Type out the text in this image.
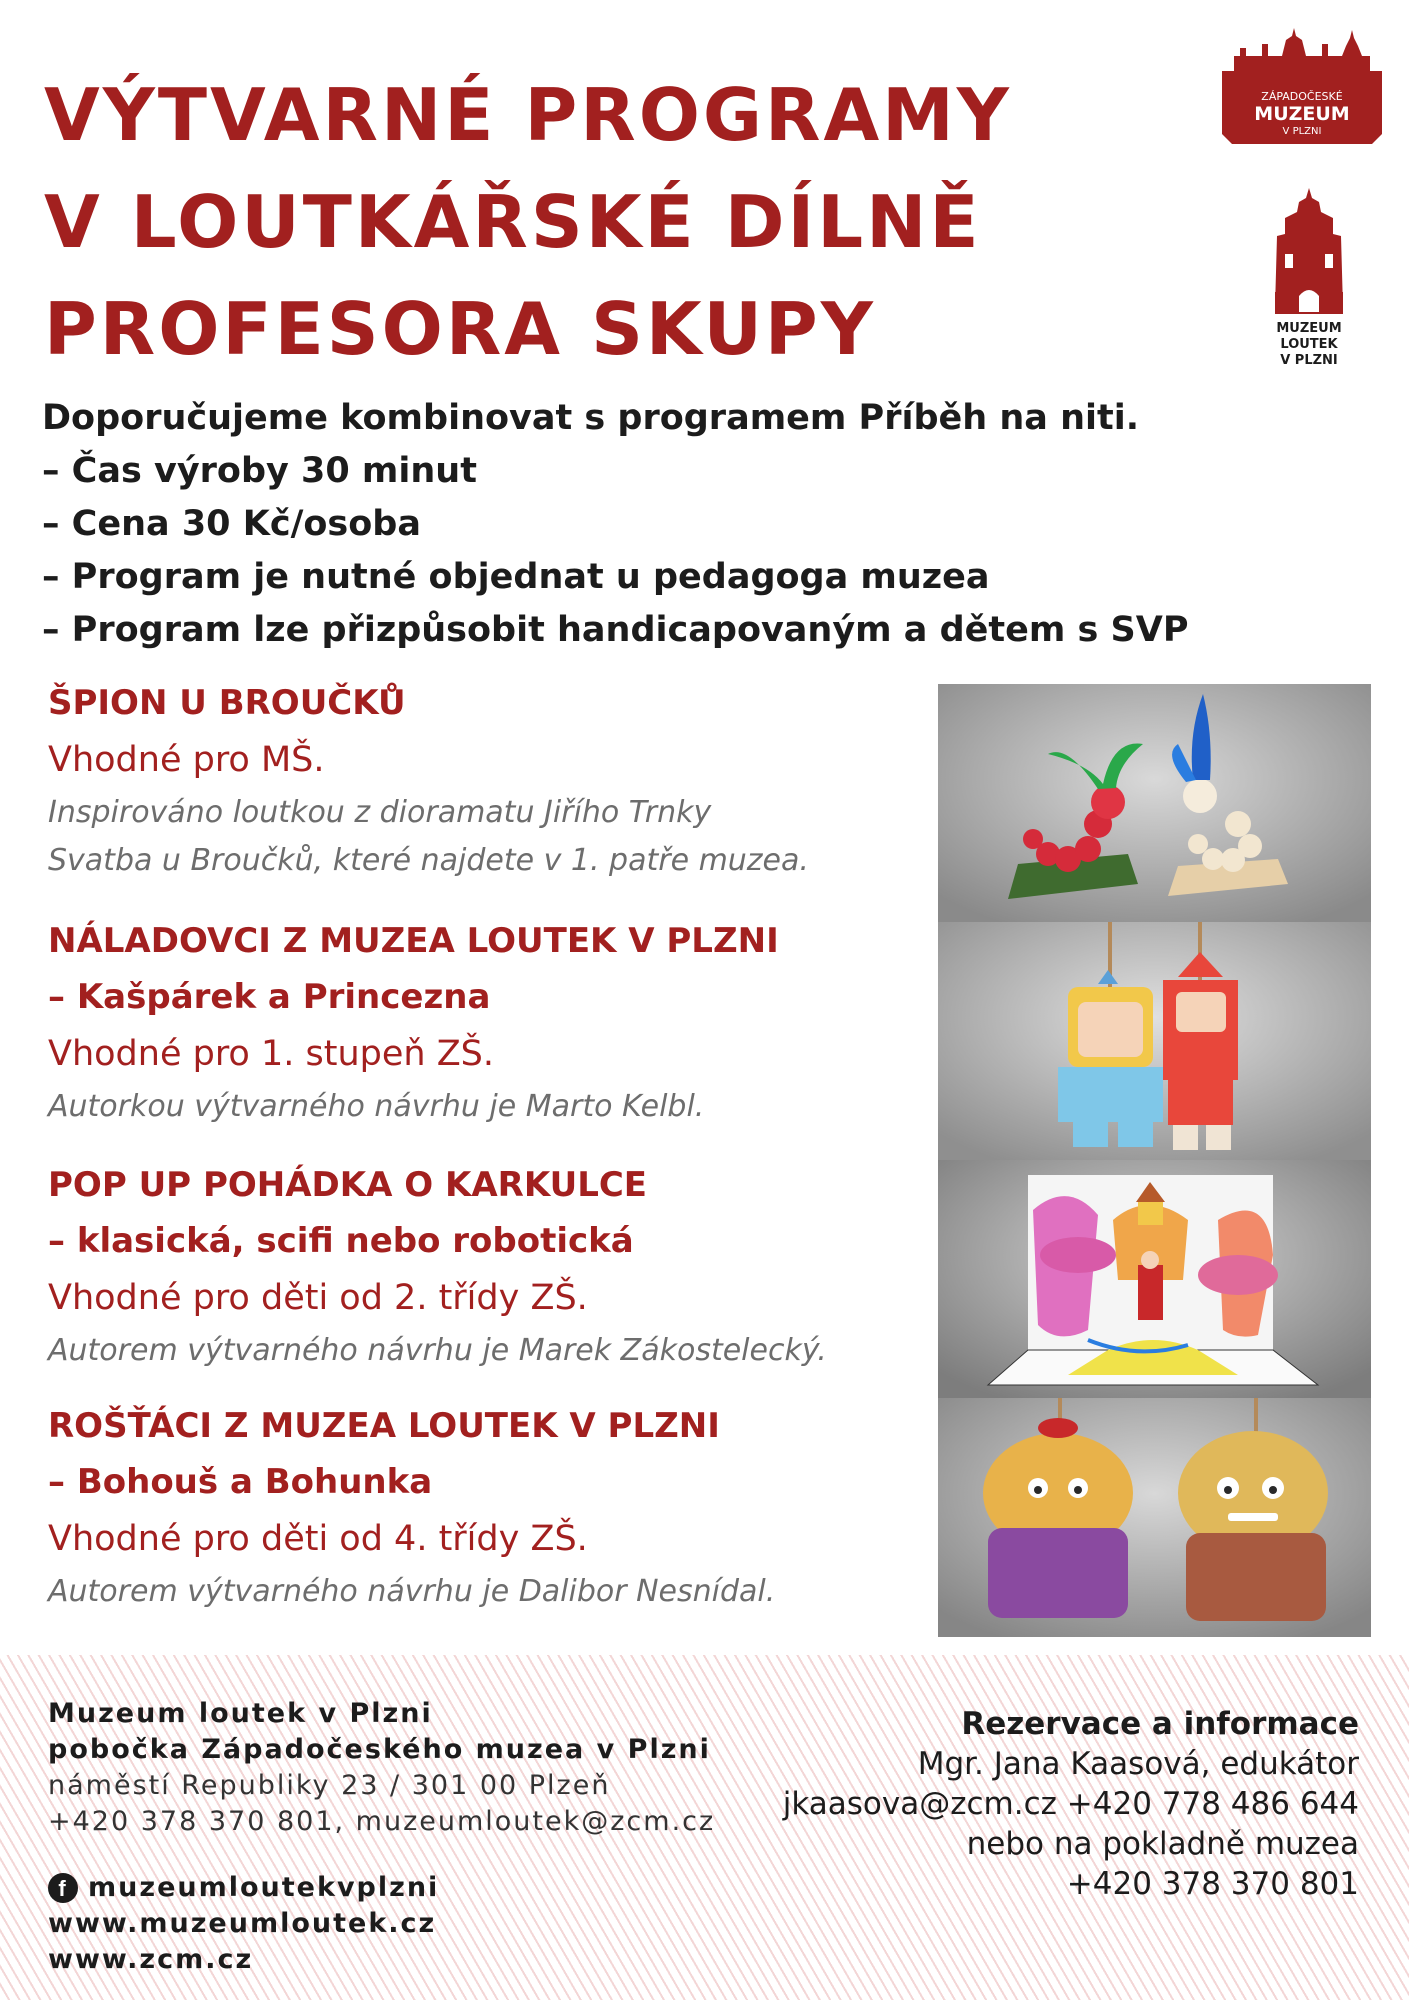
VÝTVARNÉ PROGRAMY
V LOUTKÁŘSKÉ DÍLNĚ
PROFESORA SKUPY
ZÁPADOČESKÉ
MUZEUM
V PLZNI
MUZEUM
LOUTEK
V PLZNI
Doporučujeme kombinovat s programem Příběh na niti.
– Čas výroby 30 minut
– Cena 30 Kč/osoba
– Program je nutné objednat u pedagoga muzea
– Program lze přizpůsobit handicapovaným a dětem s SVP
ŠPION U BROUČKŮ
Vhodné pro MŠ.
Inspirováno loutkou z dioramatu Jiřího Trnky
Svatba u Broučků, které najdete v 1. patře muzea.
NÁLADOVCI Z MUZEA LOUTEK V PLZNI
– Kašpárek a Princezna
Vhodné pro 1. stupeň ZŠ.
Autorkou výtvarného návrhu je Marto Kelbl.
POP UP POHÁDKA O KARKULCE
– klasická, scifi nebo robotická
Vhodné pro děti od 2. třídy ZŠ.
Autorem výtvarného návrhu je Marek Zákostelecký.
ROŠŤÁCI Z MUZEA LOUTEK V PLZNI
– Bohouš a Bohunka
Vhodné pro děti od 4. třídy ZŠ.
Autorem výtvarného návrhu je Dalibor Nesnídal.
Muzeum loutek v Plzni
pobočka Západočeského muzea v Plzni
náměstí Republiky 23 / 301 00 Plzeň
+420 378 370 801, muzeumloutek@zcm.cz
f muzeumloutekvplzni
www.muzeumloutek.cz
www.zcm.cz
Rezervace a informace
Mgr. Jana Kaasová, edukátor
jkaasova@zcm.cz +420 778 486 644
nebo na pokladně muzea
+420 378 370 801
